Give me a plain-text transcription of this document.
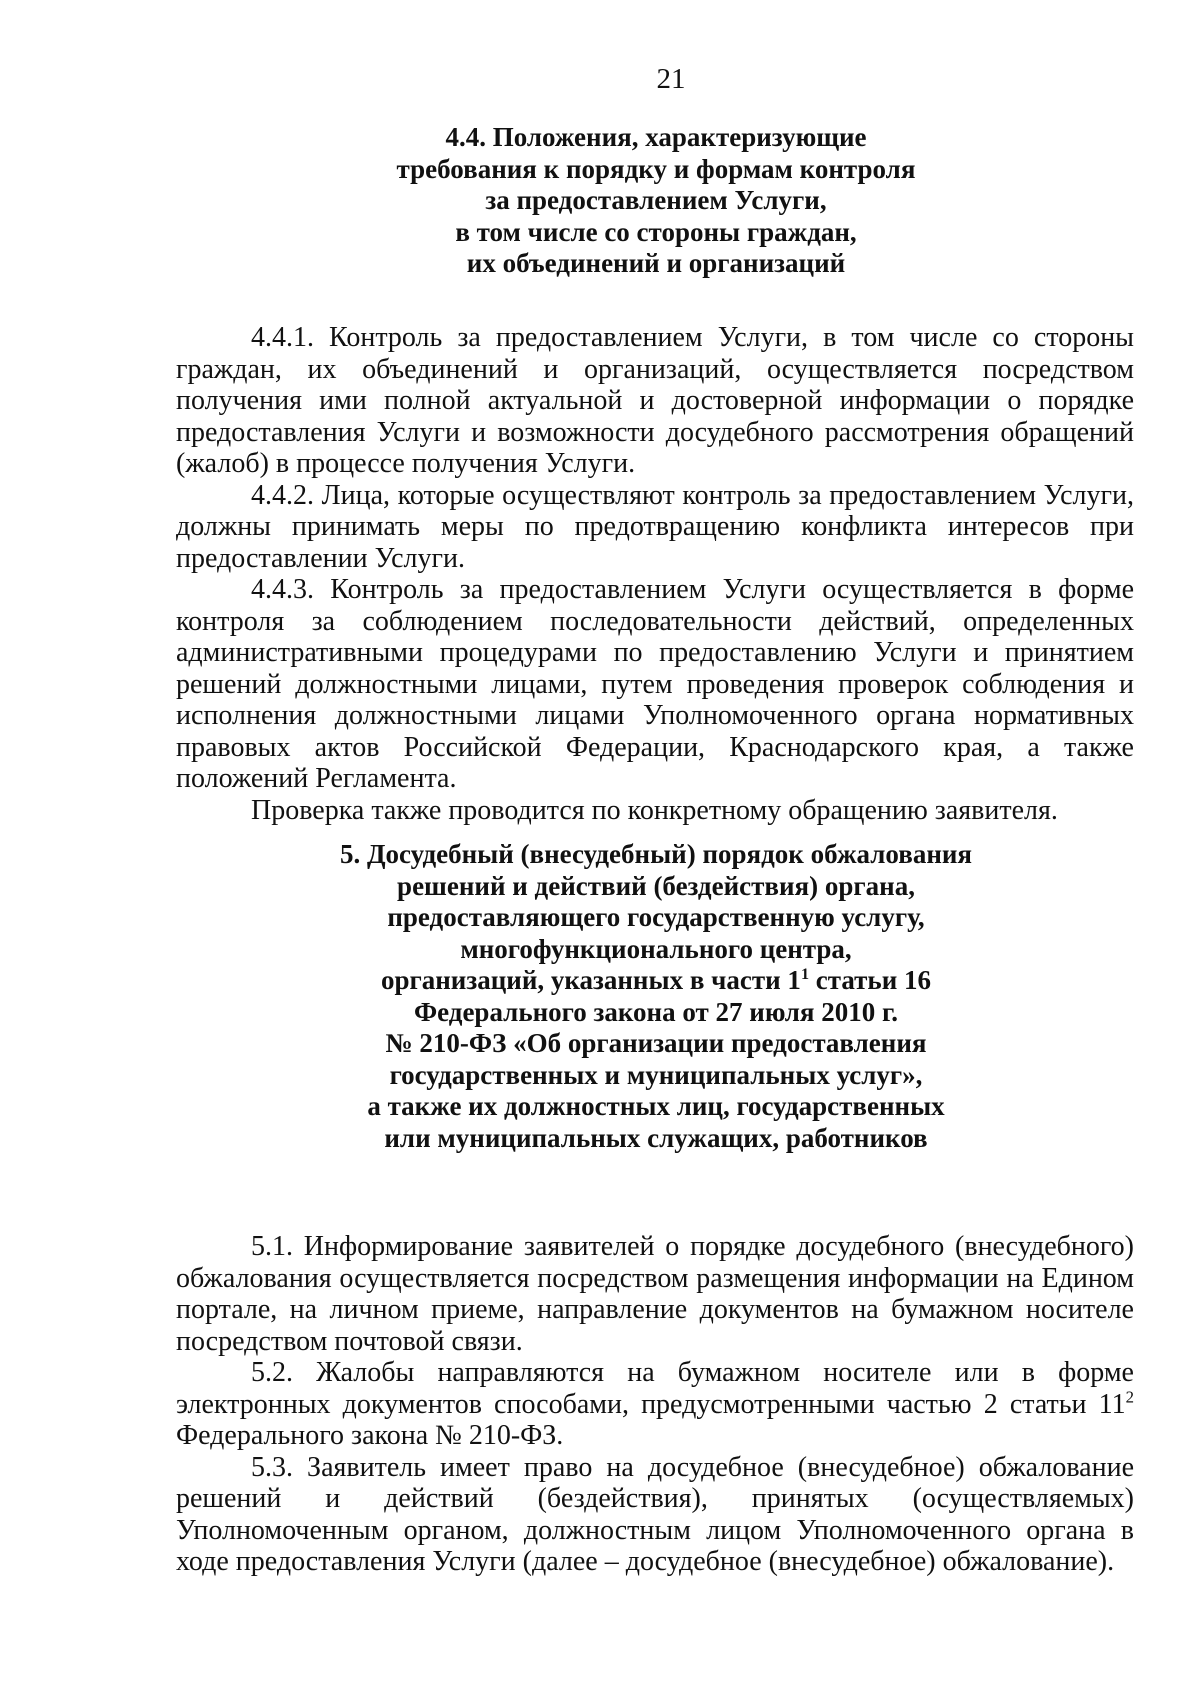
21
4.4. Положения, характеризующие
требования к порядку и формам контроля
за предоставлением Услуги,
в том числе со стороны граждан,
их объединений и организаций

4.4.1. Контроль за предоставлением Услуги, в том числе со стороны граждан, их объединений и организаций, осуществляется посредством получения ими полной актуальной и достоверной информации о порядке предоставления Услуги и возможности досудебного рассмотрения обращений (жалоб) в процессе получения Услуги.

4.4.2. Лица, которые осуществляют контроль за предоставлением Услуги, должны принимать меры по предотвращению конфликта интересов при предоставлении Услуги.

4.4.3. Контроль за предоставлением Услуги осуществляется в форме контроля за соблюдением последовательности действий, определенных административными процедурами по предоставлению Услуги и принятием решений должностными лицами, путем проведения проверок соблюдения и исполнения должностными лицами Уполномоченного органа нормативных правовых актов Российской Федерации, Краснодарского края, а также положений Регламента.

Проверка также проводится по конкретному обращению заявителя.

5. Досудебный (внесудебный) порядок обжалования
решений и действий (бездействия) органа,
предоставляющего государственную услугу,
многофункционального центра,
организаций, указанных в части $1^1$ статьи 16
Федерального закона от 27 июля 2010 г.
№ 210-ФЗ «Об организации предоставления
государственных и муниципальных услуг»,
а также их должностных лиц, государственных
или муниципальных служащих, работников

5.1. Информирование заявителей о порядке досудебного (внесудебного) обжалования осуществляется посредством размещения информации на Едином портале, на личном приеме, направление документов на бумажном носителе посредством почтовой связи.

5.2. Жалобы направляются на бумажном носителе или в форме электронных документов способами, предусмотренными частью 2 статьи $11^2$ Федерального закона № 210-ФЗ.

5.3. Заявитель имеет право на досудебное (внесудебное) обжалование решений и действий (бездействия), принятых (осуществляемых) Уполномоченным органом, должностным лицом Уполномоченного органа в ходе предоставления Услуги (далее – досудебное (внесудебное) обжалование).
